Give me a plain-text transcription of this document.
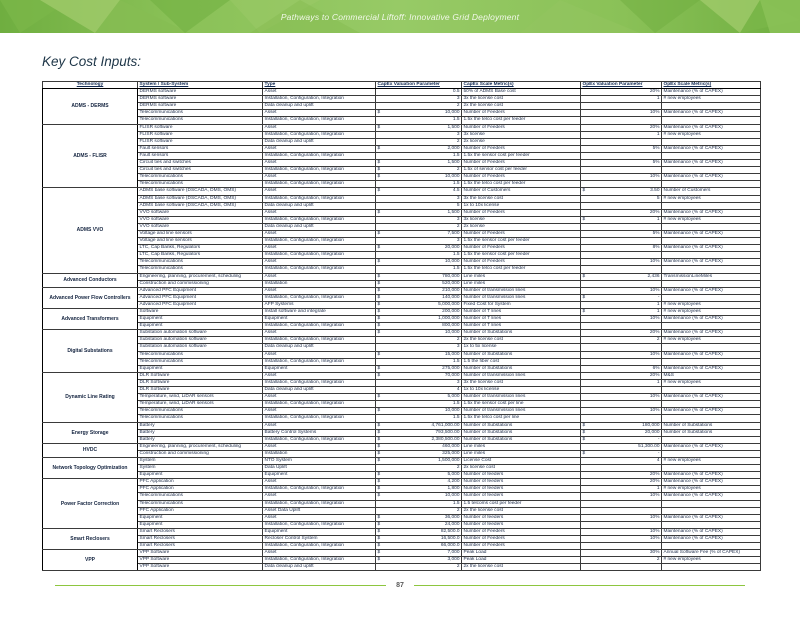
Pathways to Commercial Liftoff: Innovative Grid Deployment
Key Cost Inputs:
Technology	System / Sub-System	Type	CapEx Valuation Parameter	CapEx Scale Metric(s)	OpEx Valuation Parameter	OpEx Scale Metric(s)
ADMS - DERMS	DERMS software	Asset	0.5	50% of ADMS Base cost	20%	Maintenance (% of CAPEX)
	DERMS software	Installation, Configuration, Integration	3	3x the license cost	1	# new employees
	DERMS software	Data cleanup and uplift	2	2x the license cost	

	Telecommunications	Asset	$ 10,000	Number of Feeders	10%	Maintenance (% of CAPEX)
	Telecommunications	Installation, Configuration, Integration	1.5	1.5x the telco cost per feeder	

ADMS - FLISR	FLISR software	Asset	$ 1,500	Number of Feeders	20%	Maintenance (% of CAPEX)
	FLISR software	Installation, Configuration, Integration	3	3x license	1	# new employees
	FLISR software	Data cleanup and uplift	2	2x license	

	Fault sensors	Asset	$ 2,000	Number of Feeders	5%	Maintenance (% of CAPEX)
	Fault sensors	Installation, Configuration, Integration	1.5	1.5x the sensor cost per feeder	

	Circuit ties and switches	Asset	$ 1,500	Number of Feeders	5%	Maintenance (% of CAPEX)
	Circuit ties and switches	Installation, Configuration, Integration	$ 2	1.5x of sensor cost per feeder	

	Telecommunications	Asset	$ 10,000	Number of Feeders	10%	Maintenance (% of CAPEX)
	Telecommunications	Installation, Configuration, Integration	1.5	1.5x the telco cost per feeder	

ADMS VVO	ADMS base software (DSCADA, DMS, OMS)	Asset	$ 4.5	Number of Customers	$ 3.50	Number of Customers
	ADMS base software (DSCADA, DMS, OMS)	Installation, Configuration, Integration	3	3x the license cost	5	# new employees
	ADMS base software (DSCADA, DMS, OMS)	Data cleanup and uplift	5	1x to 10x license	

	VVO software	Asset	$ 1,500	Number of Feeders	20%	Maintenance (% of CAPEX)
	VVO software	Installation, Configuration, Integration	3	3x license	$ 1	# new employees
	VVO software	Data cleanup and uplift	2	2x license	

	Voltage and line sensors	Asset	$ 7,500	Number of Feeders	5%	Maintenance (% of CAPEX)
	Voltage and line sensors	Installation, Configuration, Integration	3	1.5x the sensor cost per feeder	

	LTC, Cap Banks, Regulators	Asset	$ 20,000	Number of Feeders	8%	Maintenance (% of CAPEX)
	LTC, Cap Banks, Regulators	Installation, Configuration, Integration	1.5	1.5x the sensor cost per feeder	

	Telecommunications	Asset	$ 10,000	Number of Feeders	10%	Maintenance (% of CAPEX)
	Telecommunications	Installation, Configuration, Integration	1.5	1.5x the telco cost per feeder	

Advanced Conductors	Engineering, planning, procurement, scheduling	Asset	$ 780,000	Line miles	$ 2,436	TransmissionLineMiles
	Construction and commissioning	Installation	$ 520,000	Line miles	

Advanced Power Flow Controllers	Advanced PFC Equipment	Asset	$ 210,000	Number of transmission lines	10%	Maintenance (% of CAPEX)
	Advanced PFC Equipment	Installation, Configuration, Integration	$ 140,000	Number of transmission lines	$ -	

	Advanced PFC Equipment	AFP Systems	$ 5,000,000	Fixed Cost for System	1	# new employees
Advanced Transformers	Software	Install software and integrate	$ 200,000	Number of T lines	$ 1	# new employees
	Equipment	Equipment	$ 1,000,000	Number of T lines	10%	Maintenance (% of CAPEX)
	Equipment	Installation, Configuration, Integration	$ 800,000	Number of T lines	

Digital Substations	Substation automation software	Asset	$ 10,000	Number of Substations	20%	Maintenance (% of CAPEX)
	Substation automation software	Installation, Configuration, Integration	2	2x the license cost	2	# new employees
	Substation automation software	Data cleanup and uplift	3	1x to 5x license	

	Telecommunications	Asset	$ 15,000	Number of Substations	10%	Maintenance (% of CAPEX)
	Telecommunications	Installation, Configuration, Integration	1.5	1.5 the fiber cost	

	Equipment	Equipment	$ 275,000	Number of Substations	6%	Maintenance (% of CAPEX)
Dynamic Line Rating	DLR Software	Asset	$ 70,000	Number of transmission lines	20%	M&S
	DLR Software	Installation, Configuration, Integration	3	3x the license cost	1	# new employees
	DLR Software	Data cleanup and uplift	4	1x to 10x license	

	Temperature, wind, LiDAR sensors	Asset	$ 5,000	Number of transmission lines	10%	Maintenance (% of CAPEX)
	Temperature, wind, LiDAR sensors	Installation, Configuration, Integration	1.5	1.5x the sensor cost per line	

	Telecommunications	Asset	$ 10,000	Number of transmission lines	10%	Maintenance (% of CAPEX)
	Telecommunications	Installation, Configuration, Integration	1.5	1.5x the telco cost per line	

Energy Storage	Battery	Asset	$ 4,761,000.00	Number of Substations	$ 180,000	Number of Substations
	Battery	Battery Control Systems	$ 793,500.00	Number of Substations	$ 20,000	Number of Substations
	Battery	Installation, Configuration, Integration	$ 2,380,500.00	Number of Substations	$ -	

HVDC	Engineering, planning, procurement, scheduling	Asset	$ 460,000	Line miles	51,300.00	Maintenance (% of CAPEX)
	Construction and commissioning	Installation	$ 325,000	Line miles	$ -	

Network Topology Optimization	System	NTO System	$ 1,500,000	License Cost	4	# new employees
	System	Data Uplift	2	2x license cost	

	Equipment	Equipment	$ 5,000	Number of feeders	20%	Maintenance (% of CAPEX)
Power Factor Correction	PFC Application	Asset	$ 4,200	Number of feeders	20%	Maintenance (% of CAPEX)
	PFC Application	Installation, Configuration, Integration	$ 1,800	Number of feeders	1	# new employees
	Telecommunications	Asset	$ 10,000	Number of feeders	10%	Maintenance (% of CAPEX)
	Telecommunications	Installation, Configuration, Integration	1.5	1.5 telcoms cost per feeder	

	PFC Application	Asset Data Uplift	2	2x the license cost	

	Equipment	Asset	$ 36,000	Number of feeders	10%	Maintenance (% of CAPEX)
	Equipment	Installation, Configuration, Integration	$ 24,000	Number of feeders	

Smart Reclosers	Smart Reclosers	Equipment	$ 82,500.0	Number of Feeders	10%	Maintenance (% of CAPEX)
	Smart Reclosers	Recloser Control System	$ 16,500.0	Number of Feeders	10%	Maintenance (% of CAPEX)
	Smart Reclosers	Installation, Configuration, Integration	$ 66,000.0	Number of Feeders	

VPP	VPP Software	Asset	$ 7,000	Peak Load	30%	Annual Software Fee (% of CAPEX)
	VPP Software	Installation, Configuration, Integration	$ 3,000	Peak Load	2	# new employees
	VPP Software	Data cleanup and uplift	2	2x the license cost	

87
